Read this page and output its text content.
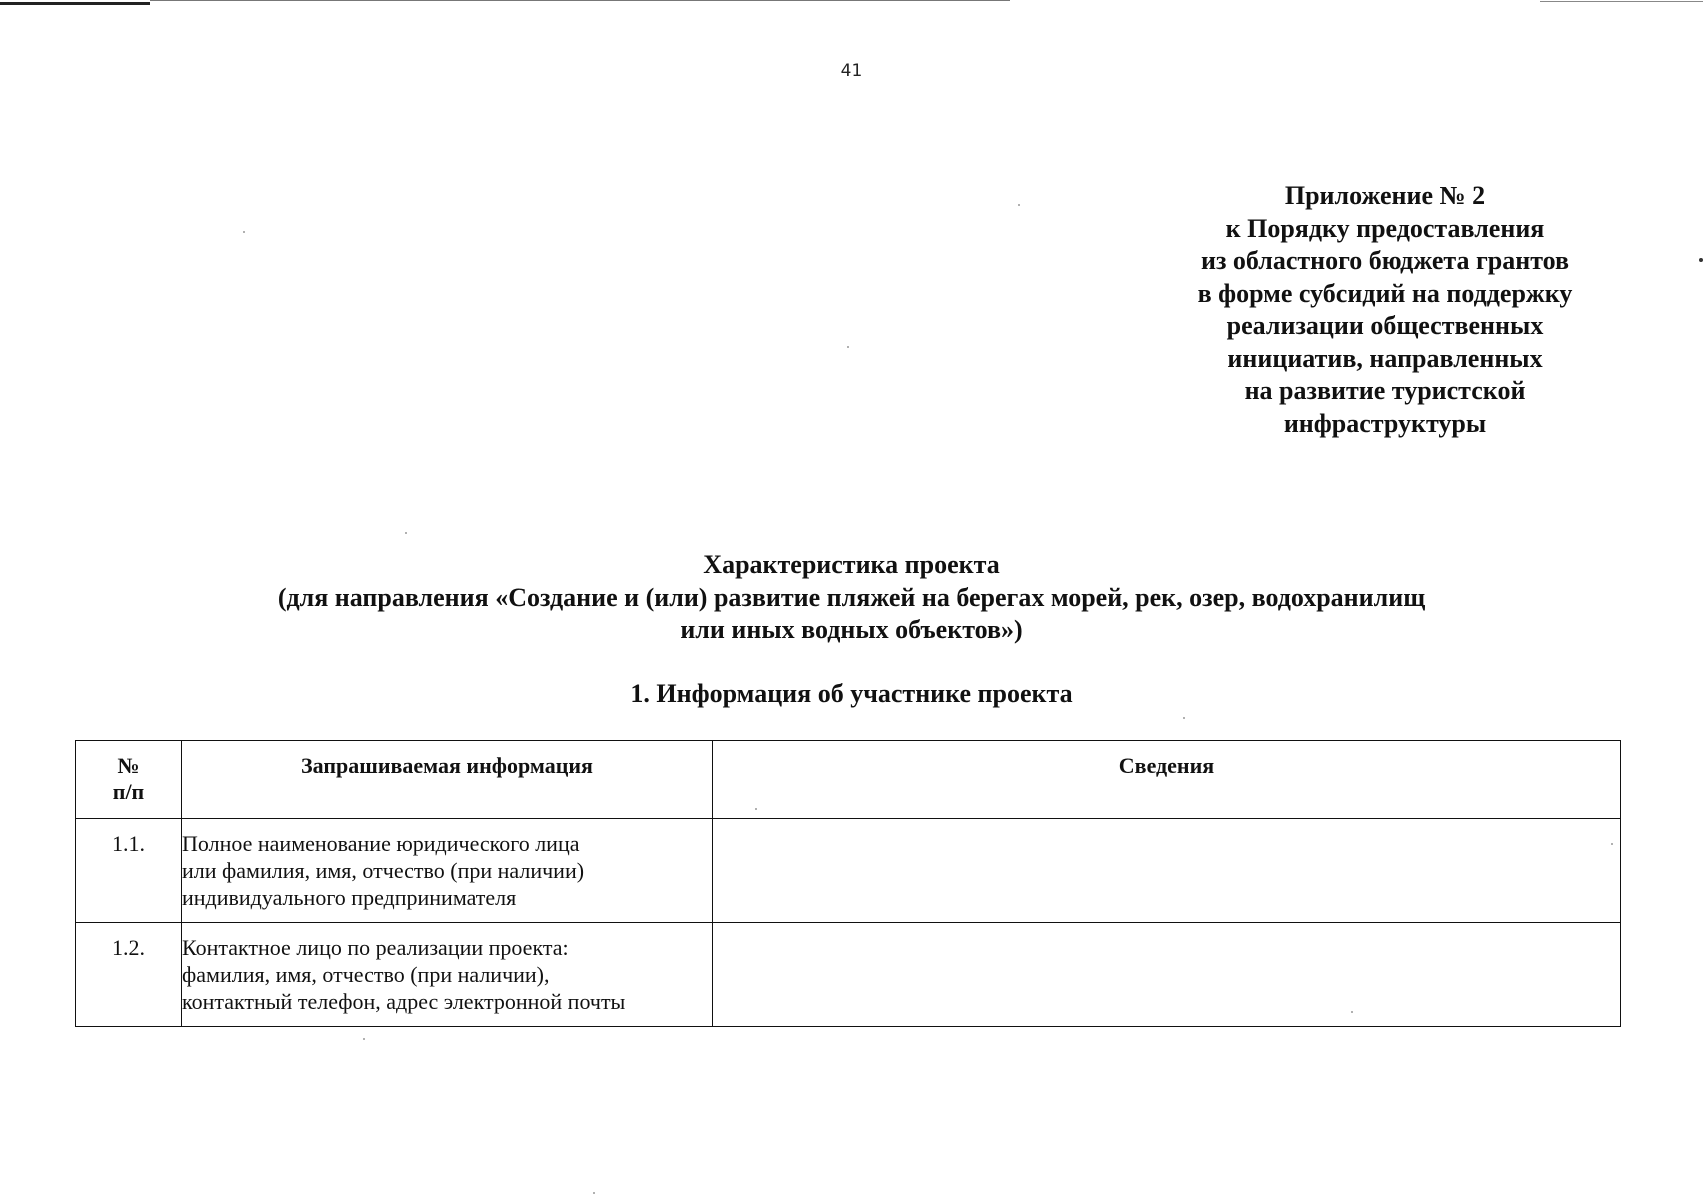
41
Приложение № 2
к Порядку предоставления
из областного бюджета грантов
в форме субсидий на поддержку
реализации общественных
инициатив, направленных
на развитие туристской
инфраструктуры
Характеристика проекта
(для направления «Создание и (или) развитие пляжей на берегах морей, рек, озер, водохранилищ
или иных водных объектов»)
1. Информация об участнике проекта
№
п/п	Запрашиваемая информация	Сведения
1.1.	Полное наименование юридического лица
или фамилия, имя, отчество (при наличии)
индивидуального предпринимателя	

1.2.	Контактное лицо по реализации проекта:
фамилия, имя, отчество (при наличии),
контактный телефон, адрес электронной почты	
